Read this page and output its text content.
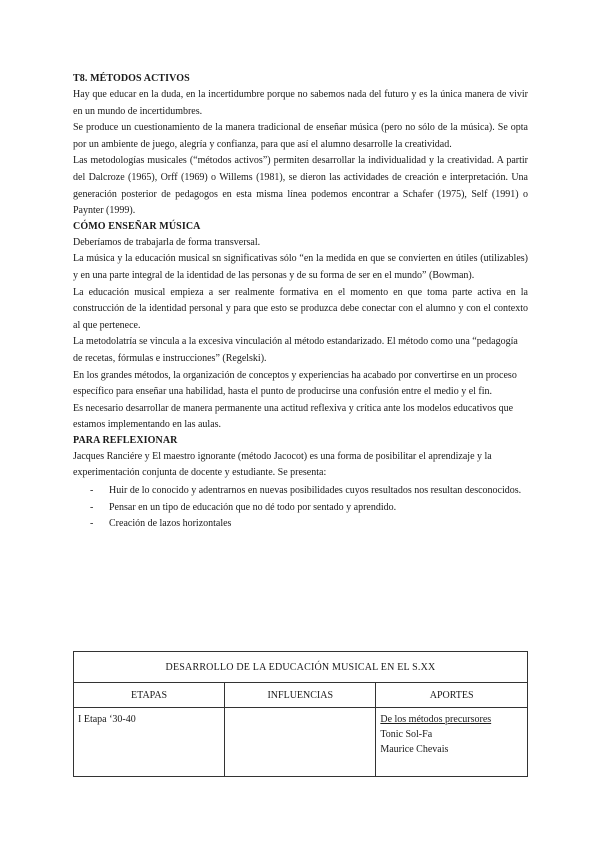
T8. MÉTODOS ACTIVOS

Hay que educar en la duda, en la incertidumbre porque no sabemos nada del futuro y es la única manera de vivir en un mundo de incertidumbres.

Se produce un cuestionamiento de la manera tradicional de enseñar música (pero no sólo de la música). Se opta por un ambiente de juego, alegría y confianza, para que así el alumno desarrolle la creatividad.

Las metodologías musicales (“métodos activos”) permiten desarrollar la individualidad y la creatividad. A partir del Dalcroze (1965), Orff (1969) o Willems (1981), se dieron las actividades de creación e interpretación. Una generación posterior de pedagogos en esta misma línea podemos encontrar a Schafer (1975), Self (1991) o Paynter (1999).

CÓMO ENSEÑAR MÚSICA

Deberíamos de trabajarla de forma transversal.

La música y la educación musical sn significativas sólo “en la medida en que se convierten en útiles (utilizables) y en una parte integral de la identidad de las personas y de su forma de ser en el mundo” (Bowman).

La educación musical empieza a ser realmente formativa en el momento en que toma parte activa en la construcción de la identidad personal y para que esto se produzca debe conectar con el alumno y con el contexto al que pertenece.

La metodolatría se vincula a la excesiva vinculación al método estandarizado. El método como una “pedagogía de recetas, fórmulas e instrucciones” (Regelski).

En los grandes métodos, la organización de conceptos y experiencias ha acabado por convertirse en un proceso específico para enseñar una habilidad, hasta el punto de producirse una confusión entre el medio y el fin.

Es necesario desarrollar de manera permanente una actitud reflexiva y crítica ante los modelos educativos que estamos implementando en las aulas.

PARA REFLEXIONAR

Jacques Ranciére y El maestro ignorante (método Jacocot) es una forma de posibilitar el aprendizaje y la experimentación conjunta de docente y estudiante. Se presenta:

- Huir de lo conocido y adentrarnos en nuevas posibilidades cuyos resultados nos resultan desconocidos.
- Pensar en un tipo de educación que no dé todo por sentado y aprendido.
- Creación de lazos horizontales
DESARROLLO DE LA EDUCACIÓN MUSICAL EN EL S.XX		
ETAPAS	INFLUENCIAS	APORTES
I Etapa ‘30-40		De los métodos precursores
Tonic Sol-Fa
Maurice Chevais
